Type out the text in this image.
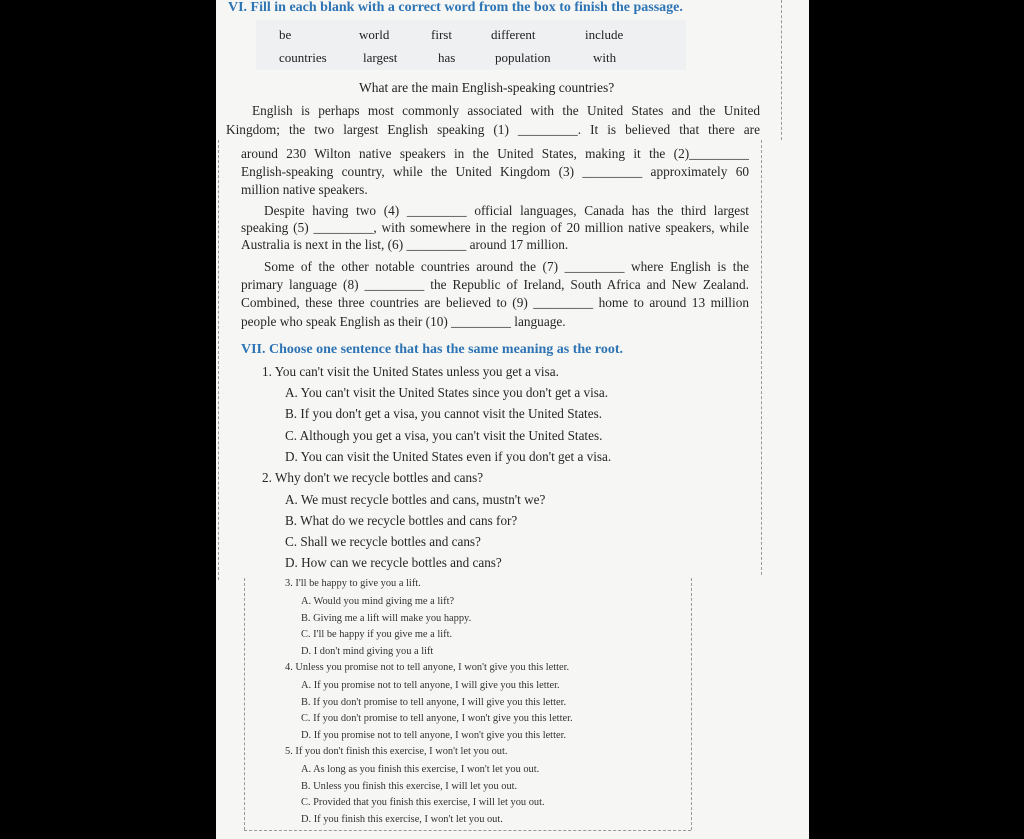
VI. Fill in each blank with a correct word from the box to finish the passage.
be	world	first	different	include
countries	largest	has	population	with
What are the main English-speaking countries?
English is perhaps most commonly associated with the United States and the United
Kingdom; the two largest English speaking (1) _________. It is believed that there are
around 230 Wilton native speakers in the United States, making it the (2)_________
English-speaking country, while the United Kingdom (3) _________ approximately 60
million native speakers.
Despite having two (4) _________ official languages, Canada has the third largest
speaking (5) _________, with somewhere in the region of 20 million native speakers, while
Australia is next in the list, (6) _________ around 17 million.
Some of the other notable countries around the (7) _________ where English is the
primary language (8) _________ the Republic of Ireland, South Africa and New Zealand.
Combined, these three countries are believed to (9) _________ home to around 13 million
people who speak English as their (10) _________ language.
VII. Choose one sentence that has the same meaning as the root.
1. You can't visit the United States unless you get a visa.
A. You can't visit the United States since you don't get a visa.
B. If you don't get a visa, you cannot visit the United States.
C. Although you get a visa, you can't visit the United States.
D. You can visit the United States even if you don't get a visa.
2. Why don't we recycle bottles and cans?
A. We must recycle bottles and cans, mustn't we?
B. What do we recycle bottles and cans for?
C. Shall we recycle bottles and cans?
D. How can we recycle bottles and cans?
3. I'll be happy to give you a lift.
A. Would you mind giving me a lift?
B. Giving me a lift will make you happy.
C. I'll be happy if you give me a lift.
D. I don't mind giving you a lift
4. Unless you promise not to tell anyone, I won't give you this letter.
A. If you promise not to tell anyone, I will give you this letter.
B. If you don't promise to tell anyone, I will give you this letter.
C. If you don't promise to tell anyone, I won't give you this letter.
D. If you promise not to tell anyone, I won't give you this letter.
5. If you don't finish this exercise, I won't let you out.
A. As long as you finish this exercise, I won't let you out.
B. Unless you finish this exercise, I will let you out.
C. Provided that you finish this exercise, I will let you out.
D. If you finish this exercise, I won't let you out.
